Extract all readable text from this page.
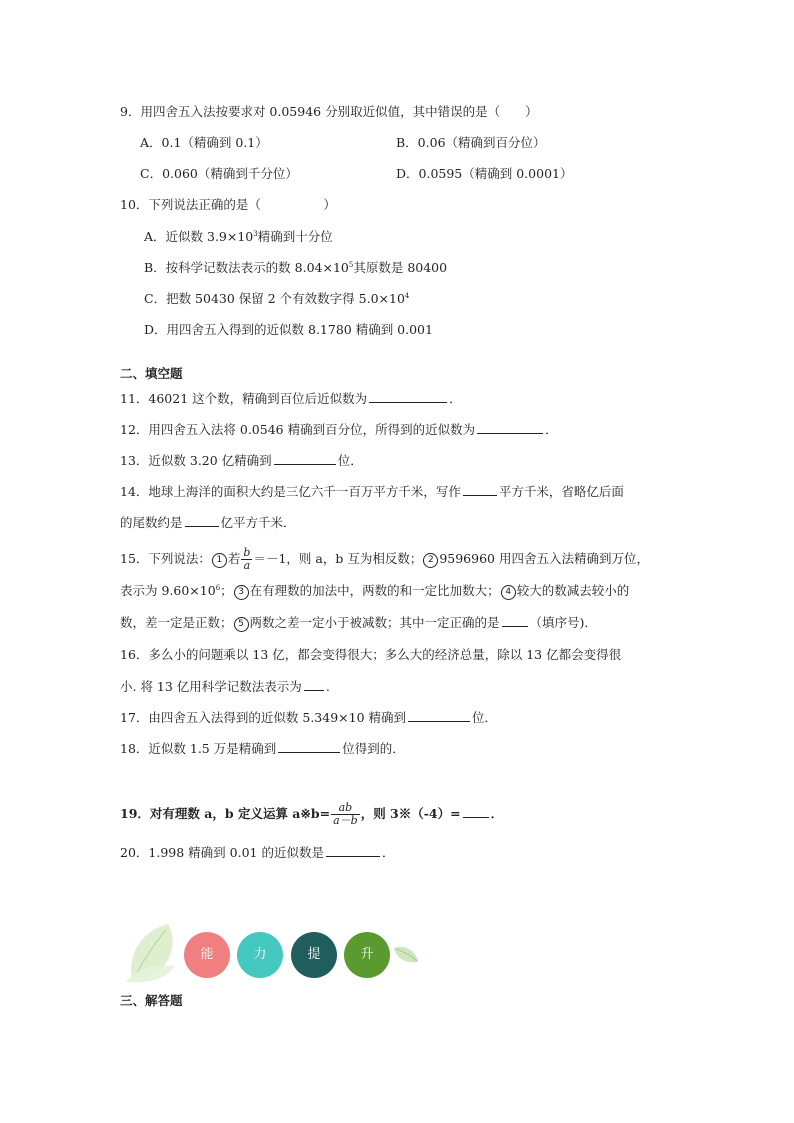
9．用四舍五入法按要求对 0.05946 分别取近似值，其中错误的是（　　）
A．0.1（精确到 0.1）	B．0.06（精确到百分位）
C．0.060（精确到千分位）	D．0.0595（精确到 0.0001）
10．下列说法正确的是（　　　　　）
A．近似数 $3.9\times 10^3$精确到十分位
B．按科学记数法表示的数 $8.04\times 10^5$其原数是 80400
C．把数 50430 保留 2 个有效数字得 $5.0\times 10^4$
D．用四舍五入得到的近似数 8.1780 精确到 0.001
二、填空题
11．46021 这个数，精确到百位后近似数为	．
12．用四舍五入法将 0.0546 精确到百分位，所得到的近似数为	．
13．近似数 3.20 亿精确到	位．
14．地球上海洋的面积大约是三亿六千一百万平方千米，写作	平方千米，省略亿后面
的尾数约是	亿平方千米．
15．下列说法： 1 若 $\frac{b}{a} =-1$，则 a，b 互为相反数； 2 9596960 用四舍五入法精确到万位，
表示为 $9.60\times 10^6$； 3 在有理数的加法中，两数的和一定比加数大； 4 较大的数减去较小的
数，差一定是正数； 5 两数之差一定小于被减数；其中一定正确的是 （填序号)．
16．多么小的问题乘以 13 亿，都会变得很大；多么大的经济总量，除以 13 亿都会变得很
小. 将 13 亿用科学记数法表示为 .
17．由四舍五入法得到的近似数 5.349×10 精确到	位．
18．近似数 1.5 万是精确到	位得到的．
19．对有理数 a，b 定义运算 a※b= $\frac{ab}{a-b}$ ，则 3※（-4）= ．
20．1.998 精确到 0.01 的近似数是	．
能	力	提	升
三、解答题
